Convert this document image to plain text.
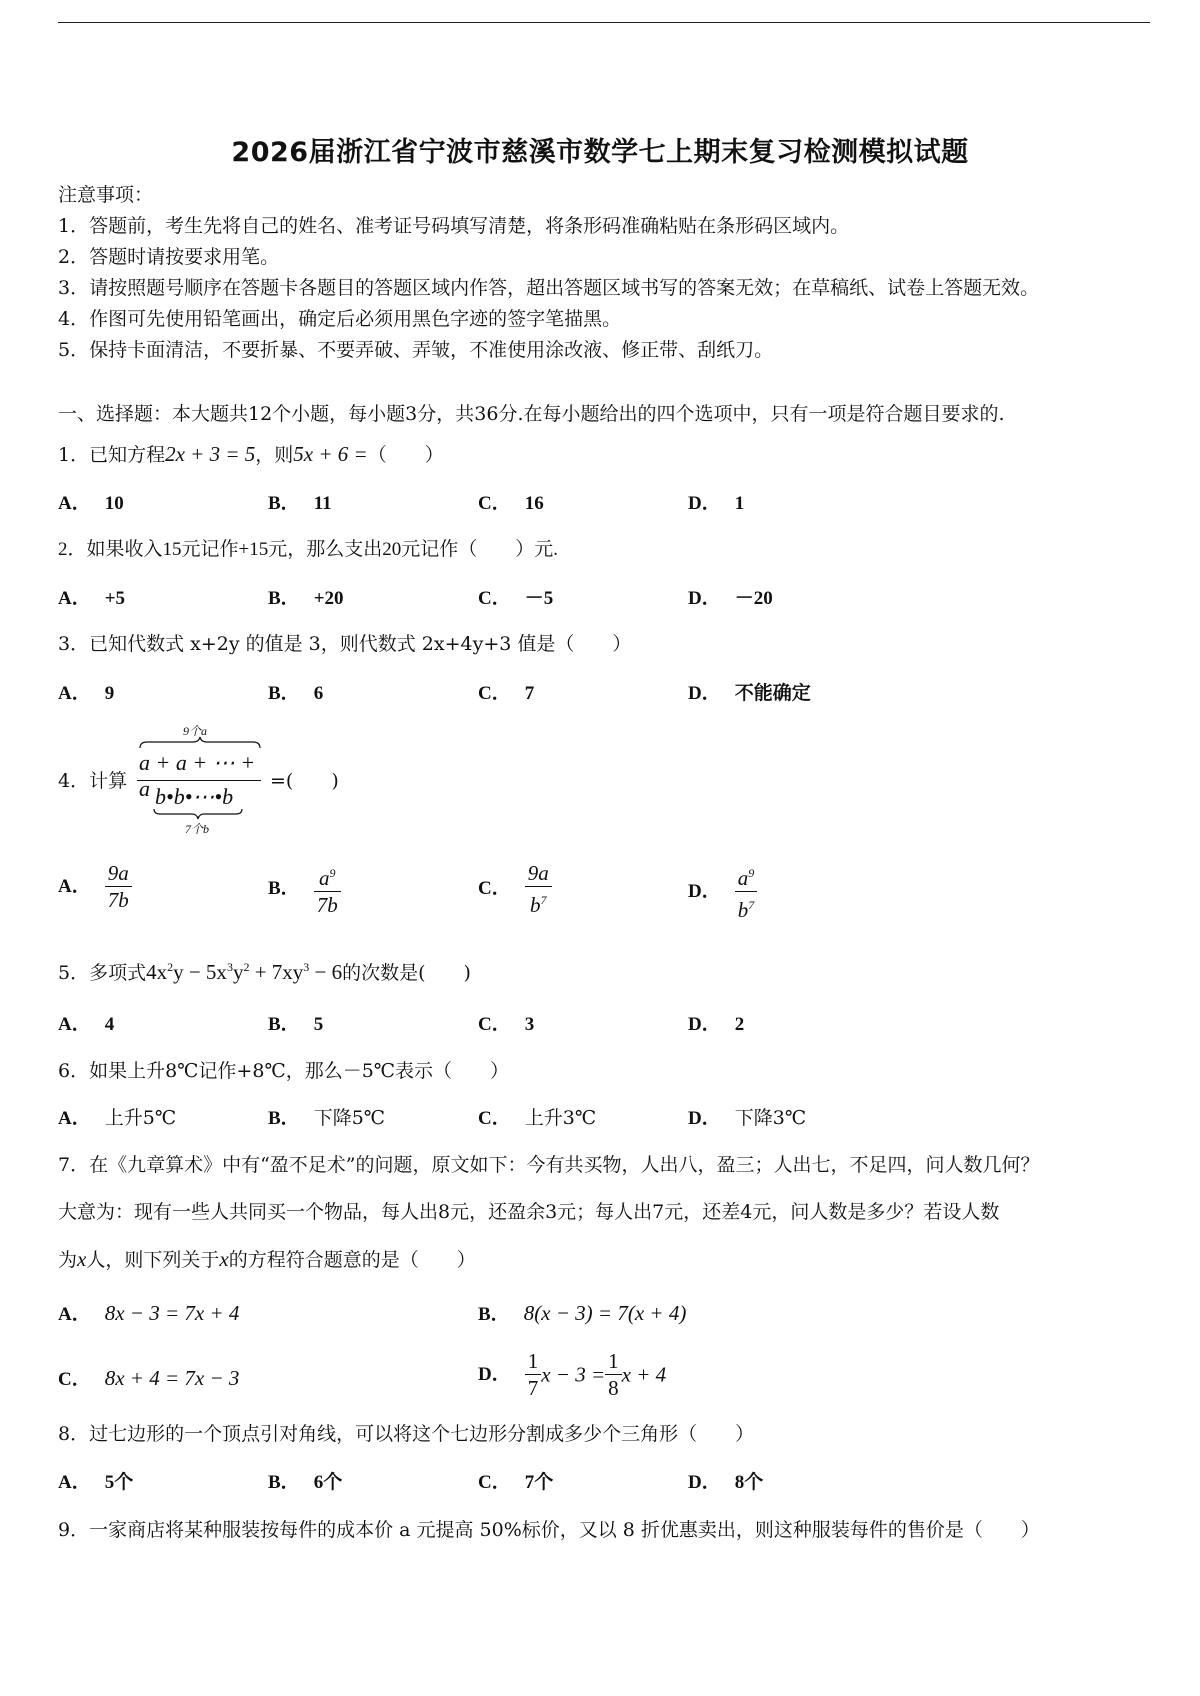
2026届浙江省宁波市慈溪市数学七上期末复习检测模拟试题
注意事项：
1．答题前，考生先将自己的姓名、准考证号码填写清楚，将条形码准确粘贴在条形码区域内。
2．答题时请按要求用笔。
3．请按照题号顺序在答题卡各题目的答题区域内作答，超出答题区域书写的答案无效；在草稿纸、试卷上答题无效。
4．作图可先使用铅笔画出，确定后必须用黑色字迹的签字笔描黑。
5．保持卡面清洁，不要折暴、不要弄破、弄皱，不准使用涂改液、修正带、刮纸刀。
一、选择题：本大题共12个小题，每小题3分，共36分.在每小题给出的四个选项中，只有一项是符合题目要求的.
1．已知方程2x + 3 = 5，则5x + 6 =（　　）
A． 10	B． 11	C． 16	D． 1
2．如果收入15元记作+15元，那么支出20元记作（　　）元.
A． +5	B． +20	C． －5	D． －20
3．已知代数式 x+2y 的值是 3，则代数式 2x+4y+3 值是（　　）
A． 9	B． 6	C． 7	D． 不能确定
4．计算
9个a
a + a + ⋯ + a b•b•⋯•b
7个b
=(　　)
A． $\frac{9a}{7b}$	B． $\frac{a^9}{7b}$	C． $\frac{9a}{b^7}$	D． $\frac{a^9}{b^7}$
5．多项式$4x^2y - 5x^3y^2 + 7xy^3 - 6$的次数是(　　)
A． 4	B． 5	C． 3	D． 2
6．如果上升8℃记作+8℃，那么－5℃表示（　　）
A． 上升5℃	B． 下降5℃	C． 上升3℃	D． 下降3℃
7．在《九章算术》中有“盈不足术”的问题，原文如下：今有共买物，人出八，盈三；人出七，不足四，问人数几何？
大意为：现有一些人共同买一个物品，每人出8元，还盈余3元；每人出7元，还差4元，问人数是多少？若设人数
为x人，则下列关于x的方程符合题意的是（　　）
A． 8x − 3 = 7x + 4	B． 8(x − 3) = 7(x + 4)
C． 8x + 4 = 7x − 3	D． $\frac{1}{7}$ $x - 3 = \frac{1}{8}$ x + 4
8．过七边形的一个顶点引对角线，可以将这个七边形分割成多少个三角形（　　）
A． 5个	B． 6个	C． 7个	D． 8个
9．一家商店将某种服装按每件的成本价 a 元提高 50%标价，又以 8 折优惠卖出，则这种服装每件的售价是（　　）
